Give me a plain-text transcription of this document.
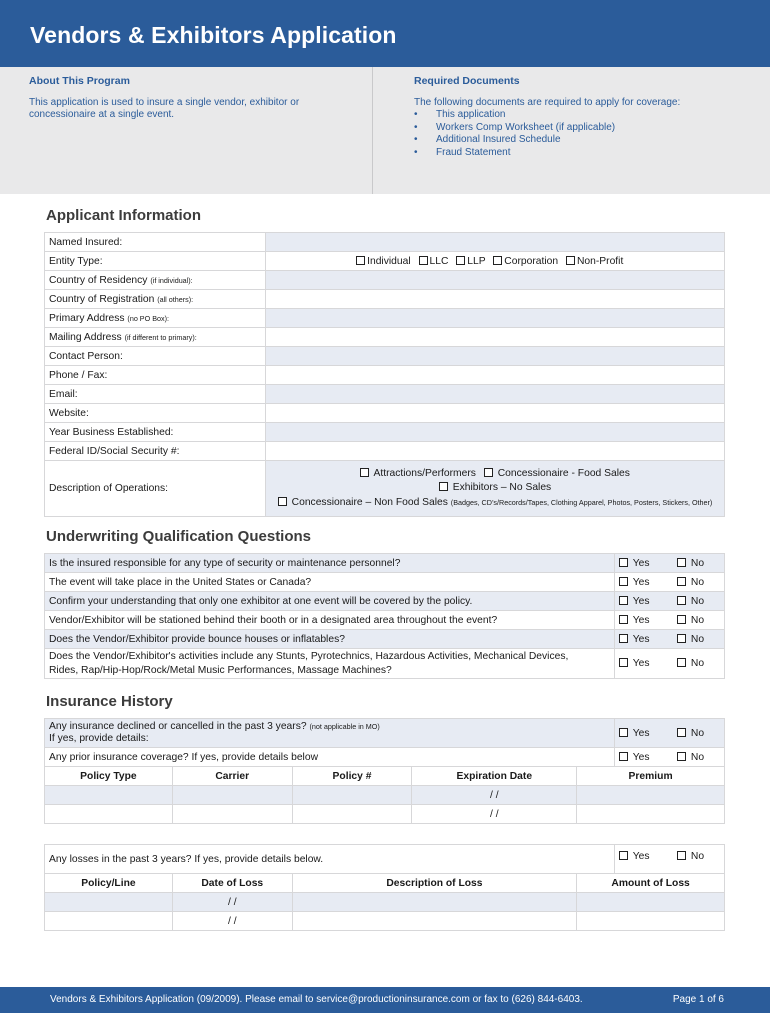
Vendors & Exhibitors Application
About This Program
This application is used to insure a single vendor, exhibitor or concessionaire at a single event.
Required Documents
The following documents are required to apply for coverage:
• This application
• Workers Comp Worksheet (if applicable)
• Additional Insured Schedule
• Fraud Statement
Applicant Information
Named Insured:	
Entity Type:	Individual LLC LLP Corporation Non-Profit
Country of Residency (if individual):	
Country of Registration (all others):	
Primary Address (no PO Box):	
Mailing Address (if different to primary):	
Contact Person:	
Phone / Fax:	
Email:	
Website:	
Year Business Established:	
Federal ID/Social Security #:	
Description of Operations:	Attractions/Performers Concessionaire - Food Sales
Exhibitors – No Sales
Concessionaire – Non Food Sales (Badges, CD’s/Records/Tapes, Clothing Apparel, Photos, Posters, Stickers, Other)
Underwriting Qualification Questions
Is the insured responsible for any type of security or maintenance personnel?	Yes No
The event will take place in the United States or Canada?	Yes No
Confirm your understanding that only one exhibitor at one event will be covered by the policy.	Yes No
Vendor/Exhibitor will be stationed behind their booth or in a designated area throughout the event?	Yes No
Does the Vendor/Exhibitor provide bounce houses or inflatables?	Yes No

Does the Vendor/Exhibitor's activities include any Stunts, Pyrotechnics, Hazardous Activities, Mechanical Devices,
Rides, Rap/Hip-Hop/Rock/Metal Music Performances, Massage Machines?	Yes No
Insurance History
Any insurance declined or cancelled in the past 3 years? (not applicable in MO)
If yes, provide details:	Yes No
Any prior insurance coverage? If yes, provide details below	Yes No
Policy Type	Carrier	Policy #	Expiration Date	Premium
			/ /	
			/ /	
Any losses in the past 3 years? If yes, provide details below.	Yes	No
Policy/Line	Date of Loss	Description of Loss	Amount of Loss
	/ /		
	/ /		
Vendors & Exhibitors Application (09/2009). Please email to service@productioninsurance.com or fax to (626) 844-6403.	Page 1 of 6
